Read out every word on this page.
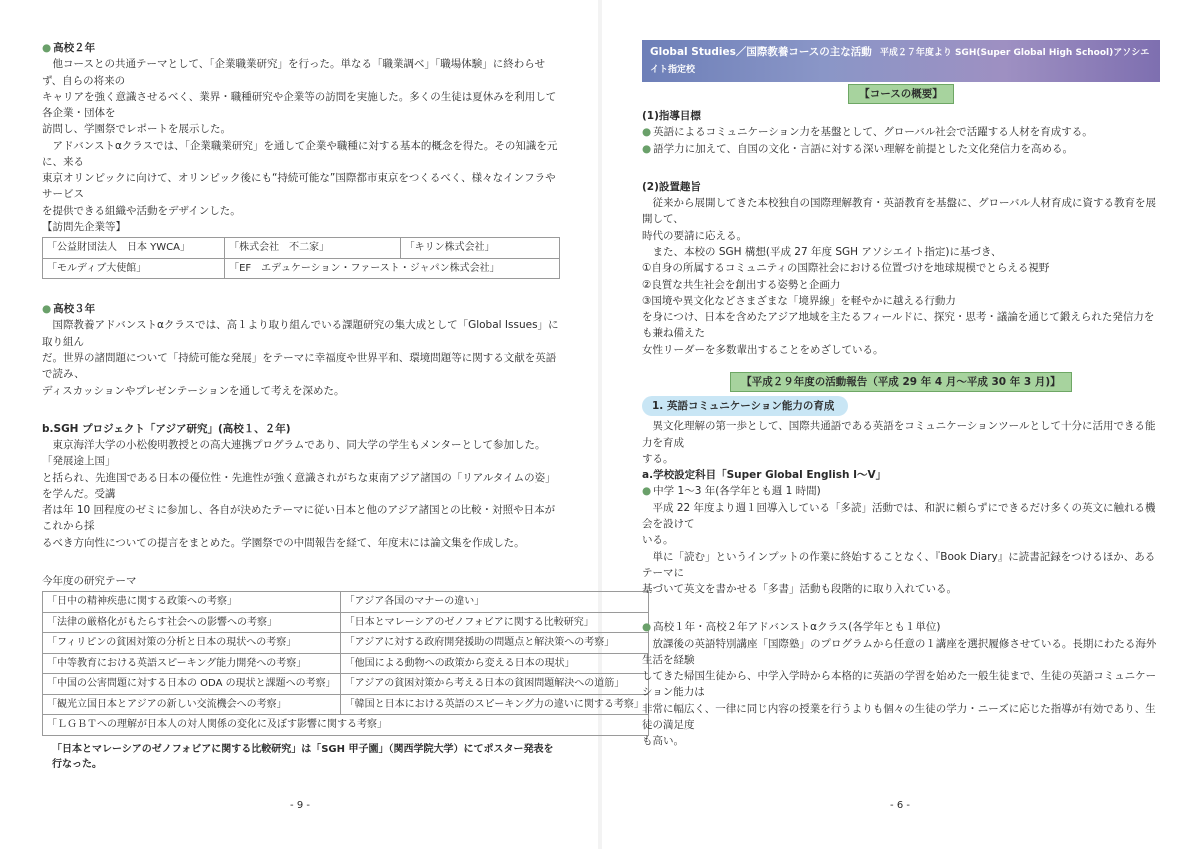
● 高校２年

他コースとの共通テーマとして、「企業職業研究」を行った。単なる「職業調べ」「職場体験」に終わらせず、自らの将来の

キャリアを強く意識させるべく、業界・職種研究や企業等の訪問を実施した。多くの生徒は夏休みを利用して各企業・団体を

訪問し、学園祭でレポートを展示した。

アドバンストαクラスでは、「企業職業研究」を通して企業や職種に対する基本的概念を得た。その知識を元に、来る

東京オリンピックに向けて、オリンピック後にも“持続可能な”国際都市東京をつくるべく、様々なインフラやサービス

を提供できる組織や活動をデザインした。

【訪問先企業等】

「公益財団法人　日本 YWCA」	「株式会社　不二家」	「キリン株式会社」
「モルディブ大使館」	「EF　エデュケーション・ファースト・ジャパン株式会社」	

● 高校３年

国際教養アドバンストαクラスでは、高１より取り組んでいる課題研究の集大成として「Global Issues」に取り組ん

だ。世界の諸問題について「持続可能な発展」をテーマに幸福度や世界平和、環境問題等に関する文献を英語で読み、

ディスカッションやプレゼンテーションを通して考えを深めた。

b.SGH プロジェクト「アジア研究」(高校１、２年)

東京海洋大学の小松俊明教授との高大連携プログラムであり、同大学の学生もメンターとして参加した。「発展途上国」

と括られ、先進国である日本の優位性・先進性が強く意識されがちな東南アジア諸国の「リアルタイムの姿」を学んだ。受講

者は年 10 回程度のゼミに参加し、各自が決めたテーマに従い日本と他のアジア諸国との比較・対照や日本がこれから採

るべき方向性についての提言をまとめた。学園祭での中間報告を経て、年度末には論文集を作成した。

今年度の研究テーマ

「日中の精神疾患に関する政策への考察」	「アジア各国のマナーの違い」
「法律の厳格化がもたらす社会への影響への考察」	「日本とマレーシアのゼノフォビアに関する比較研究」
「フィリピンの貧困対策の分析と日本の現状への考察」	「アジアに対する政府開発援助の問題点と解決策への考察」
「中等教育における英語スピーキング能力開発への考察」	「他国による動物への政策から変える日本の現状」
「中国の公害問題に対する日本の ODA の現状と課題への考察」	「アジアの貧困対策から考える日本の貧困問題解決への道筋」
「観光立国日本とアジアの新しい交流機会への考察」	「韓国と日本における英語のスピーキング力の違いに関する考察」
「ＬＧＢＴへの理解が日本人の対人関係の変化に及ぼす影響に関する考察」	

「日本とマレーシアのゼノフォビアに関する比較研究」は「SGH 甲子園」（関西学院大学）にてポスター発表を行なった。

- 9 -
Global Studies／国際教養コースの主な活動 平成２７年度より SGH(Super Global High School)アソシエイト指定校
【コースの概要】

(1)指導目標

● 英語によるコミュニケーション力を基盤として、グローバル社会で活躍する人材を育成する。

● 語学力に加えて、自国の文化・言語に対する深い理解を前提とした文化発信力を高める。

(2)設置趣旨

従来から展開してきた本校独自の国際理解教育・英語教育を基盤に、グローバル人材育成に資する教育を展開して、

時代の要請に応える。

また、本校の SGH 構想(平成 27 年度 SGH アソシエイト指定)に基づき、

①自身の所属するコミュニティの国際社会における位置づけを地球規模でとらえる視野

②良質な共生社会を創出する姿勢と企画力

③国境や異文化などさまざまな「境界線」を軽やかに越える行動力

を身につけ、日本を含めたアジア地域を主たるフィールドに、探究・思考・議論を通じて鍛えられた発信力をも兼ね備えた

女性リーダーを多数輩出することをめざしている。

【平成２９年度の活動報告（平成 29 年 4 月～平成 30 年 3 月)】
1. 英語コミュニケーション能力の育成

異文化理解の第一歩として、国際共通語である英語をコミュニケーションツールとして十分に活用できる能力を育成

する。

a.学校設定科目「Super Global English Ⅰ～Ⅴ」

● 中学 1～3 年(各学年とも週 1 時間)

平成 22 年度より週１回導入している「多読」活動では、和訳に頼らずにできるだけ多くの英文に触れる機会を設けて

いる。

単に「読む」というインプットの作業に終始することなく、『Book Diary』に読書記録をつけるほか、あるテーマに

基づいて英文を書かせる「多書」活動も段階的に取り入れている。

● 高校１年・高校２年アドバンストαクラス(各学年とも１単位)

放課後の英語特別講座「国際塾」のプログラムから任意の１講座を選択履修させている。長期にわたる海外生活を経験

してきた帰国生徒から、中学入学時から本格的に英語の学習を始めた一般生徒まで、生徒の英語コミュニケーション能力は

非常に幅広く、一律に同じ内容の授業を行うよりも個々の生徒の学力・ニーズに応じた指導が有効であり、生徒の満足度

も高い。

- 6 -
